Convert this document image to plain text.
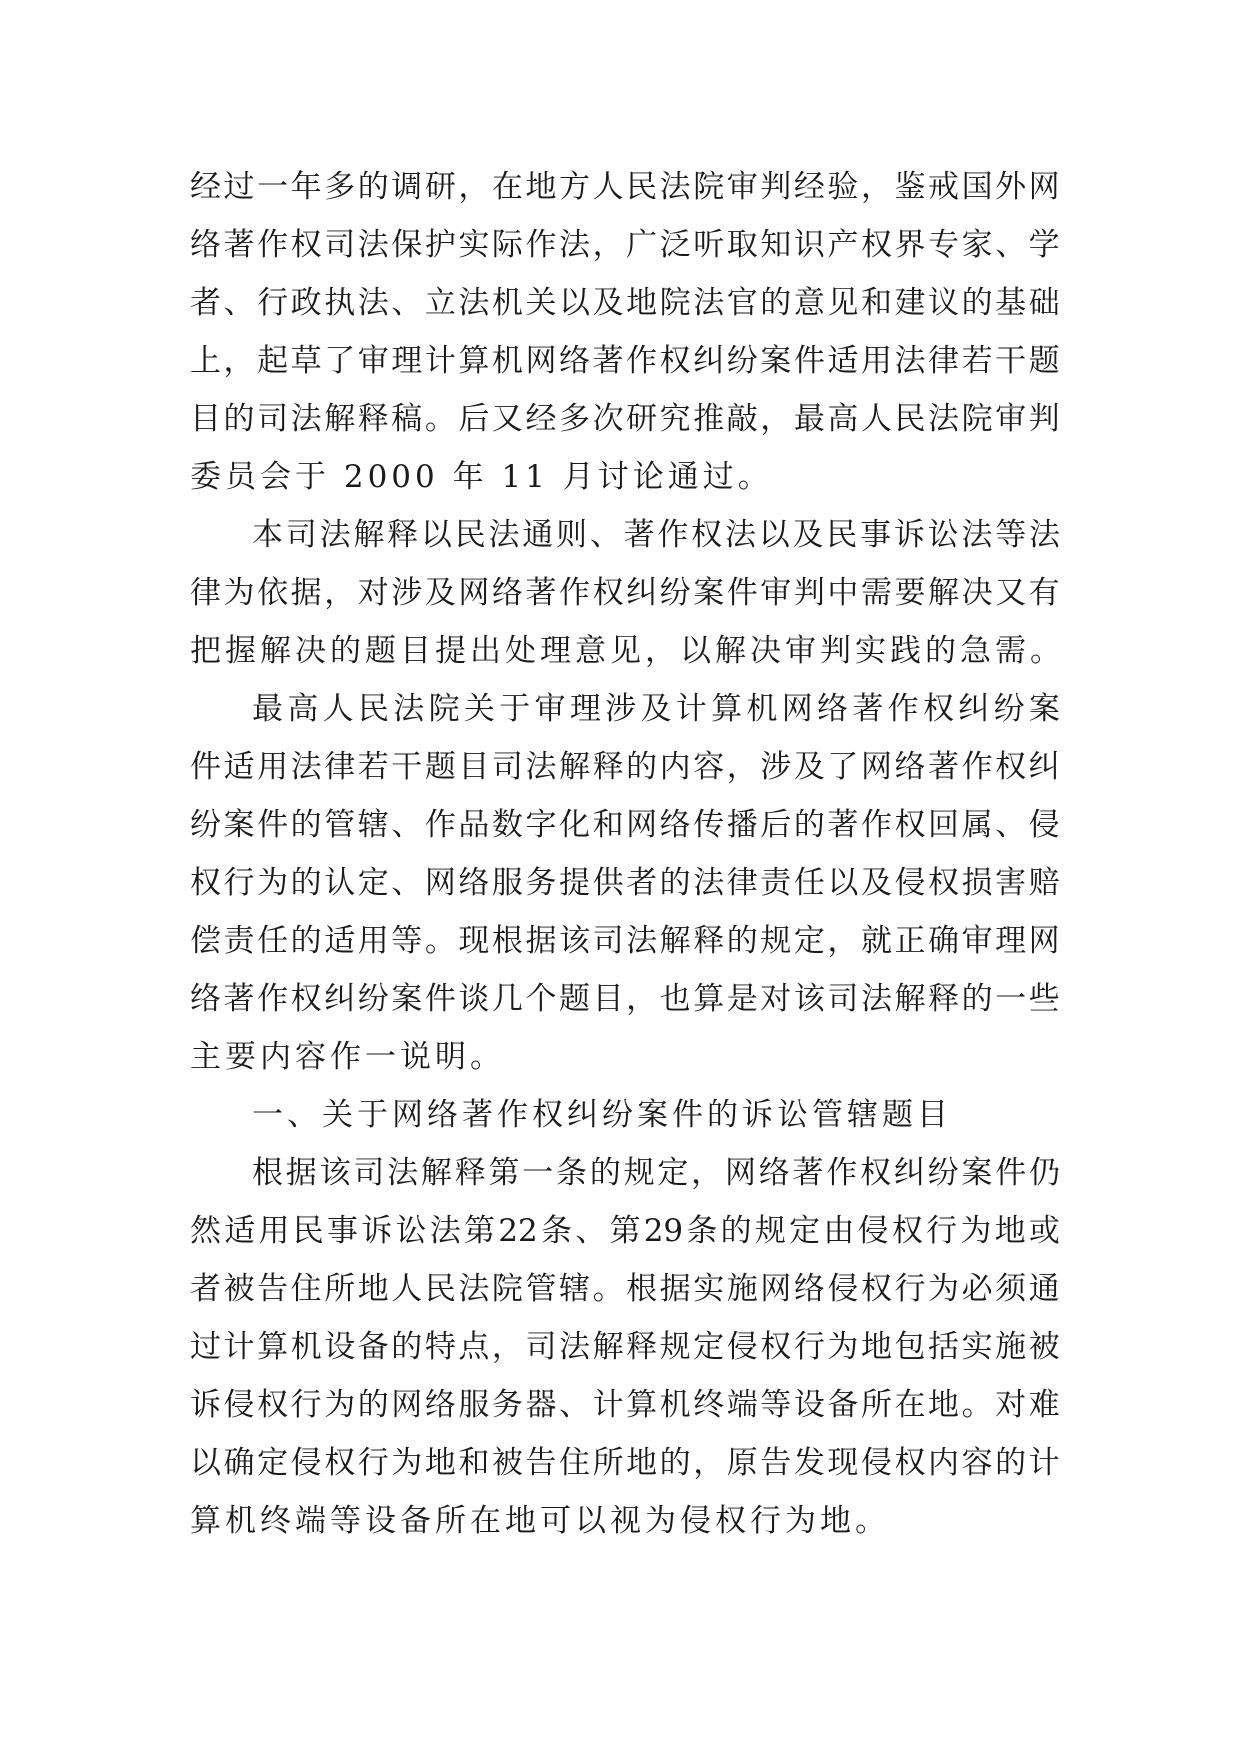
经 过 一 年 多 的 调 研 ， 在 地 方 人 民 法 院 审 判 经 验 ， 鉴 戒 国 外 网
络 著 作 权 司 法 保 护 实 际 作 法 ， 广 泛 听 取 知 识 产 权 界 专 家 、 学
者 、 行 政 执 法 、 立 法 机 关 以 及 地 院 法 官 的 意 见 和 建 议 的 基 础
上 ， 起 草 了 审 理 计 算 机 网 络 著 作 权 纠 纷 案 件 适 用 法 律 若 干 题
目 的 司 法 解 释 稿 。 后 又 经 多 次 研 究 推 敲 ， 最 高 人 民 法 院 审 判
委员会于 2000 年 11 月讨论通过。
本 司 法 解 释 以 民 法 通 则 、 著 作 权 法 以 及 民 事 诉 讼 法 等 法
律 为 依 据 ， 对 涉 及 网 络 著 作 权 纠 纷 案 件 审 判 中 需 要 解 决 又 有
把握解决的题目提出处理意见，以解决审判实践的急需。
最 高 人 民 法 院 关 于 审 理 涉 及 计 算 机 网 络 著 作 权 纠 纷 案
件 适 用 法 律 若 干 题 目 司 法 解 释 的 内 容 ， 涉 及 了 网 络 著 作 权 纠
纷 案 件 的 管 辖 、 作 品 数 字 化 和 网 络 传 播 后 的 著 作 权 回 属 、 侵
权 行 为 的 认 定 、 网 络 服 务 提 供 者 的 法 律 责 任 以 及 侵 权 损 害 赔
偿 责 任 的 适 用 等 。 现 根 据 该 司 法 解 释 的 规 定 ， 就 正 确 审 理 网
络 著 作 权 纠 纷 案 件 谈 几 个 题 目 ， 也 算 是 对 该 司 法 解 释 的 一 些
主要内容作一说明。
一、关于网络著作权纠纷案件的诉讼管辖题目
根 据 该 司 法 解 释 第 一 条 的 规 定 ， 网 络 著 作 权 纠 纷 案 件 仍
然 适 用 民 事 诉 讼 法 第 22 条 、 第 29 条 的 规 定 由 侵 权 行 为 地 或
者 被 告 住 所 地 人 民 法 院 管 辖 。 根 据 实 施 网 络 侵 权 行 为 必 须 通
过 计 算 机 设 备 的 特 点 ， 司 法 解 释 规 定 侵 权 行 为 地 包 括 实 施 被
诉 侵 权 行 为 的 网 络 服 务 器 、 计 算 机 终 端 等 设 备 所 在 地 。 对 难
以 确 定 侵 权 行 为 地 和 被 告 住 所 地 的 ， 原 告 发 现 侵 权 内 容 的 计
算机终端等设备所在地可以视为侵权行为地。
